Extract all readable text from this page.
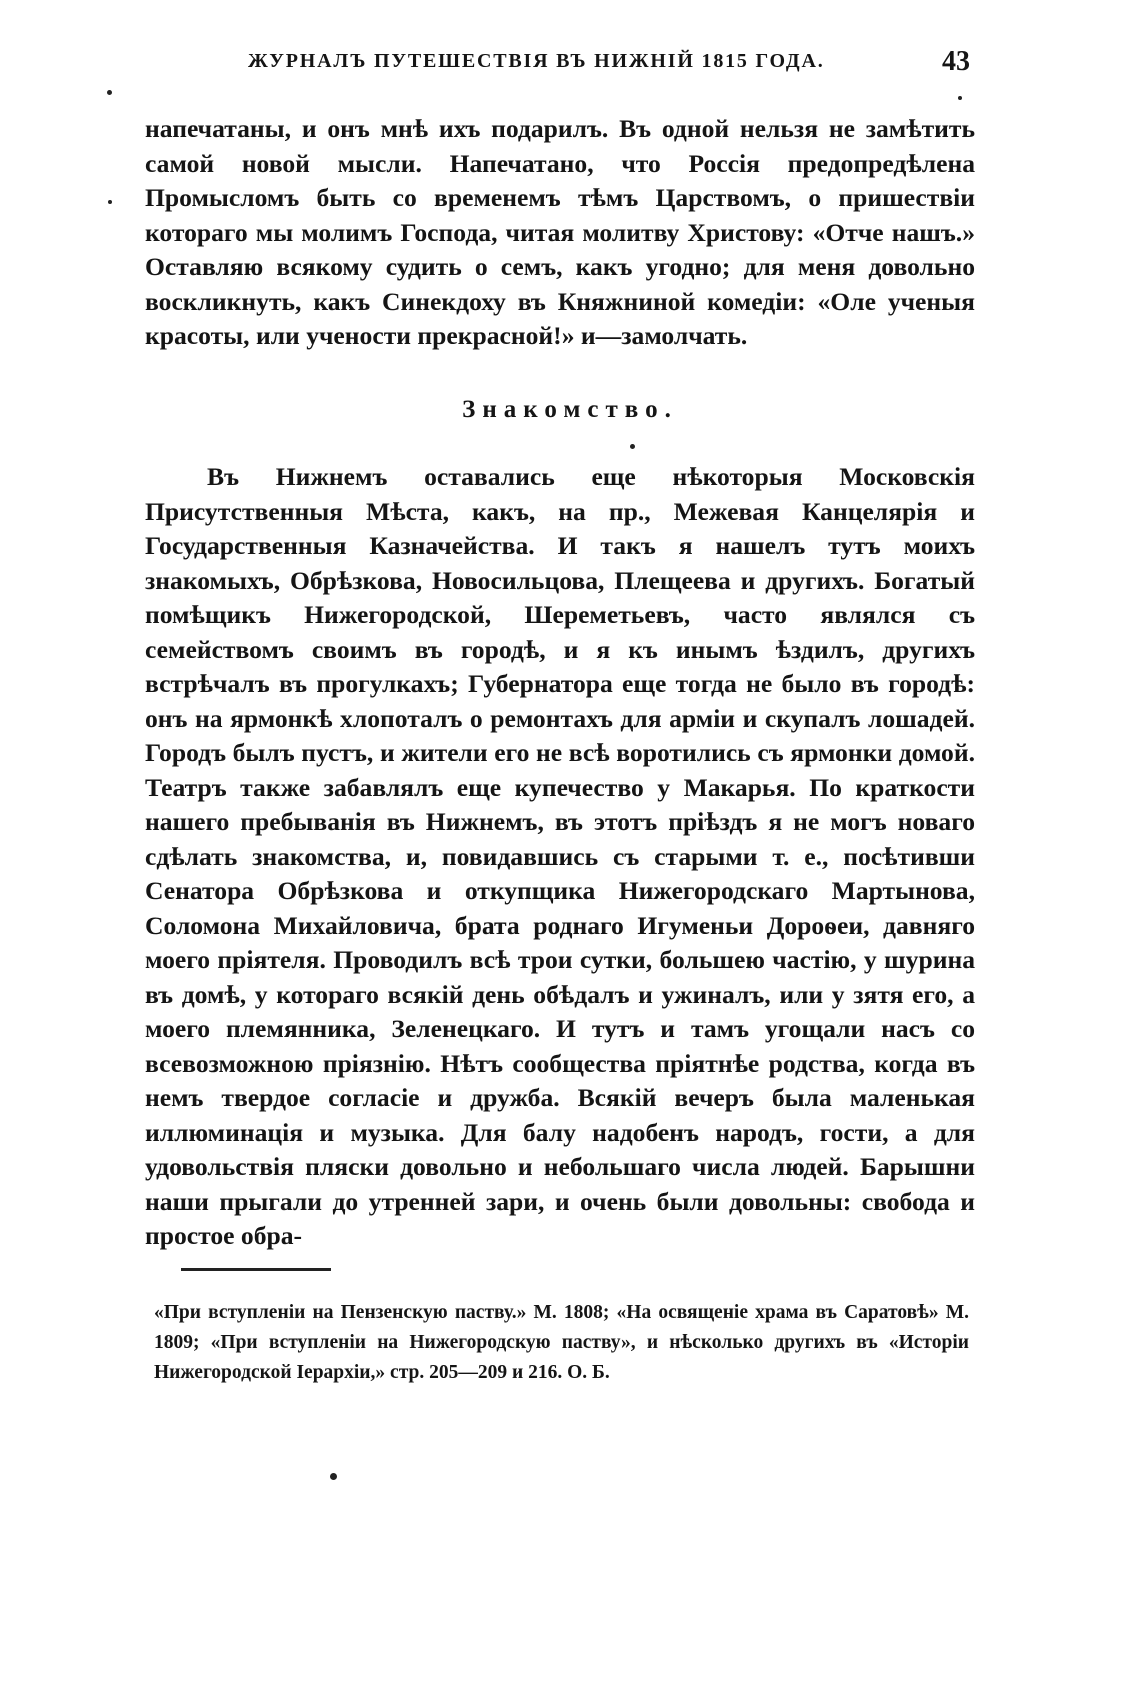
ЖУРНАЛЪ ПУТЕШЕСТВІЯ ВЪ НИЖНІЙ 1815 ГОДА.	43
напечатаны, и онъ мнѣ ихъ подарилъ. Въ одной нельзя не замѣтить самой новой мысли. Напечатано, что Россія предопредѣлена Промысломъ быть со временемъ тѣмъ Царствомъ, о пришествіи котораго мы молимъ Господа, читая молитву Христову: «Отче нашъ.» Оставляю всякому судить о семъ, какъ угодно; для меня довольно воскликнуть, какъ Синекдоху въ Княжниной комедіи: «Оле ученыя красоты, или учености прекрасной!» и—замолчать.
Знакомство.
Въ Нижнемъ оставались еще нѣкоторыя Московскія Присутственныя Мѣста, какъ, на пр., Межевая Канцелярія и Государственныя Казначейства. И такъ я нашелъ тутъ моихъ знакомыхъ, Обрѣзкова, Новосильцова, Плещеева и другихъ. Богатый помѣщикъ Нижегородской, Шереметьевъ, часто являлся съ семействомъ своимъ въ городѣ, и я къ инымъ ѣздилъ, другихъ встрѣчалъ въ прогулкахъ; Губернатора еще тогда не было въ городѣ: онъ на ярмонкѣ хлопоталъ о ремонтахъ для арміи и скупалъ лошадей. Городъ былъ пустъ, и жители его не всѣ воротились съ ярмонки домой. Театръ также забавлялъ еще купечество у Макарья. По краткости нашего пребыванія въ Нижнемъ, въ этотъ пріѣздъ я не могъ новаго сдѣлать знакомства, и, повидавшись съ старыми т. е., посѣтивши Сенатора Обрѣзкова и откупщика Нижегородскаго Мартынова, Соломона Михайловича, брата роднаго Игуменьи Дороѳеи, давняго моего пріятеля. Проводилъ всѣ трои сутки, большею частію, у шурина въ домѣ, у котораго всякій день обѣдалъ и ужиналъ, или у зятя его, а моего племянника, Зеленецкаго. И тутъ и тамъ угощали насъ со всевозможною пріязнію. Нѣтъ сообщества пріятнѣе родства, когда въ немъ твердое согласіе и дружба. Всякій вечеръ была маленькая иллюминація и музыка. Для балу надобенъ народъ, гости, а для удовольствія пляски довольно и небольшаго числа людей. Барышни наши прыгали до утренней зари, и очень были довольны: свобода и простое обра-
«При вступленіи на Пензенскую паству.» М. 1808; «На освященіе храма въ Саратовѣ» М. 1809; «При вступленіи на Нижегородскую паству», и нѣсколько другихъ въ «Исторіи Нижегородской Іерархіи,» стр. 205—209 и 216. О. Б.
